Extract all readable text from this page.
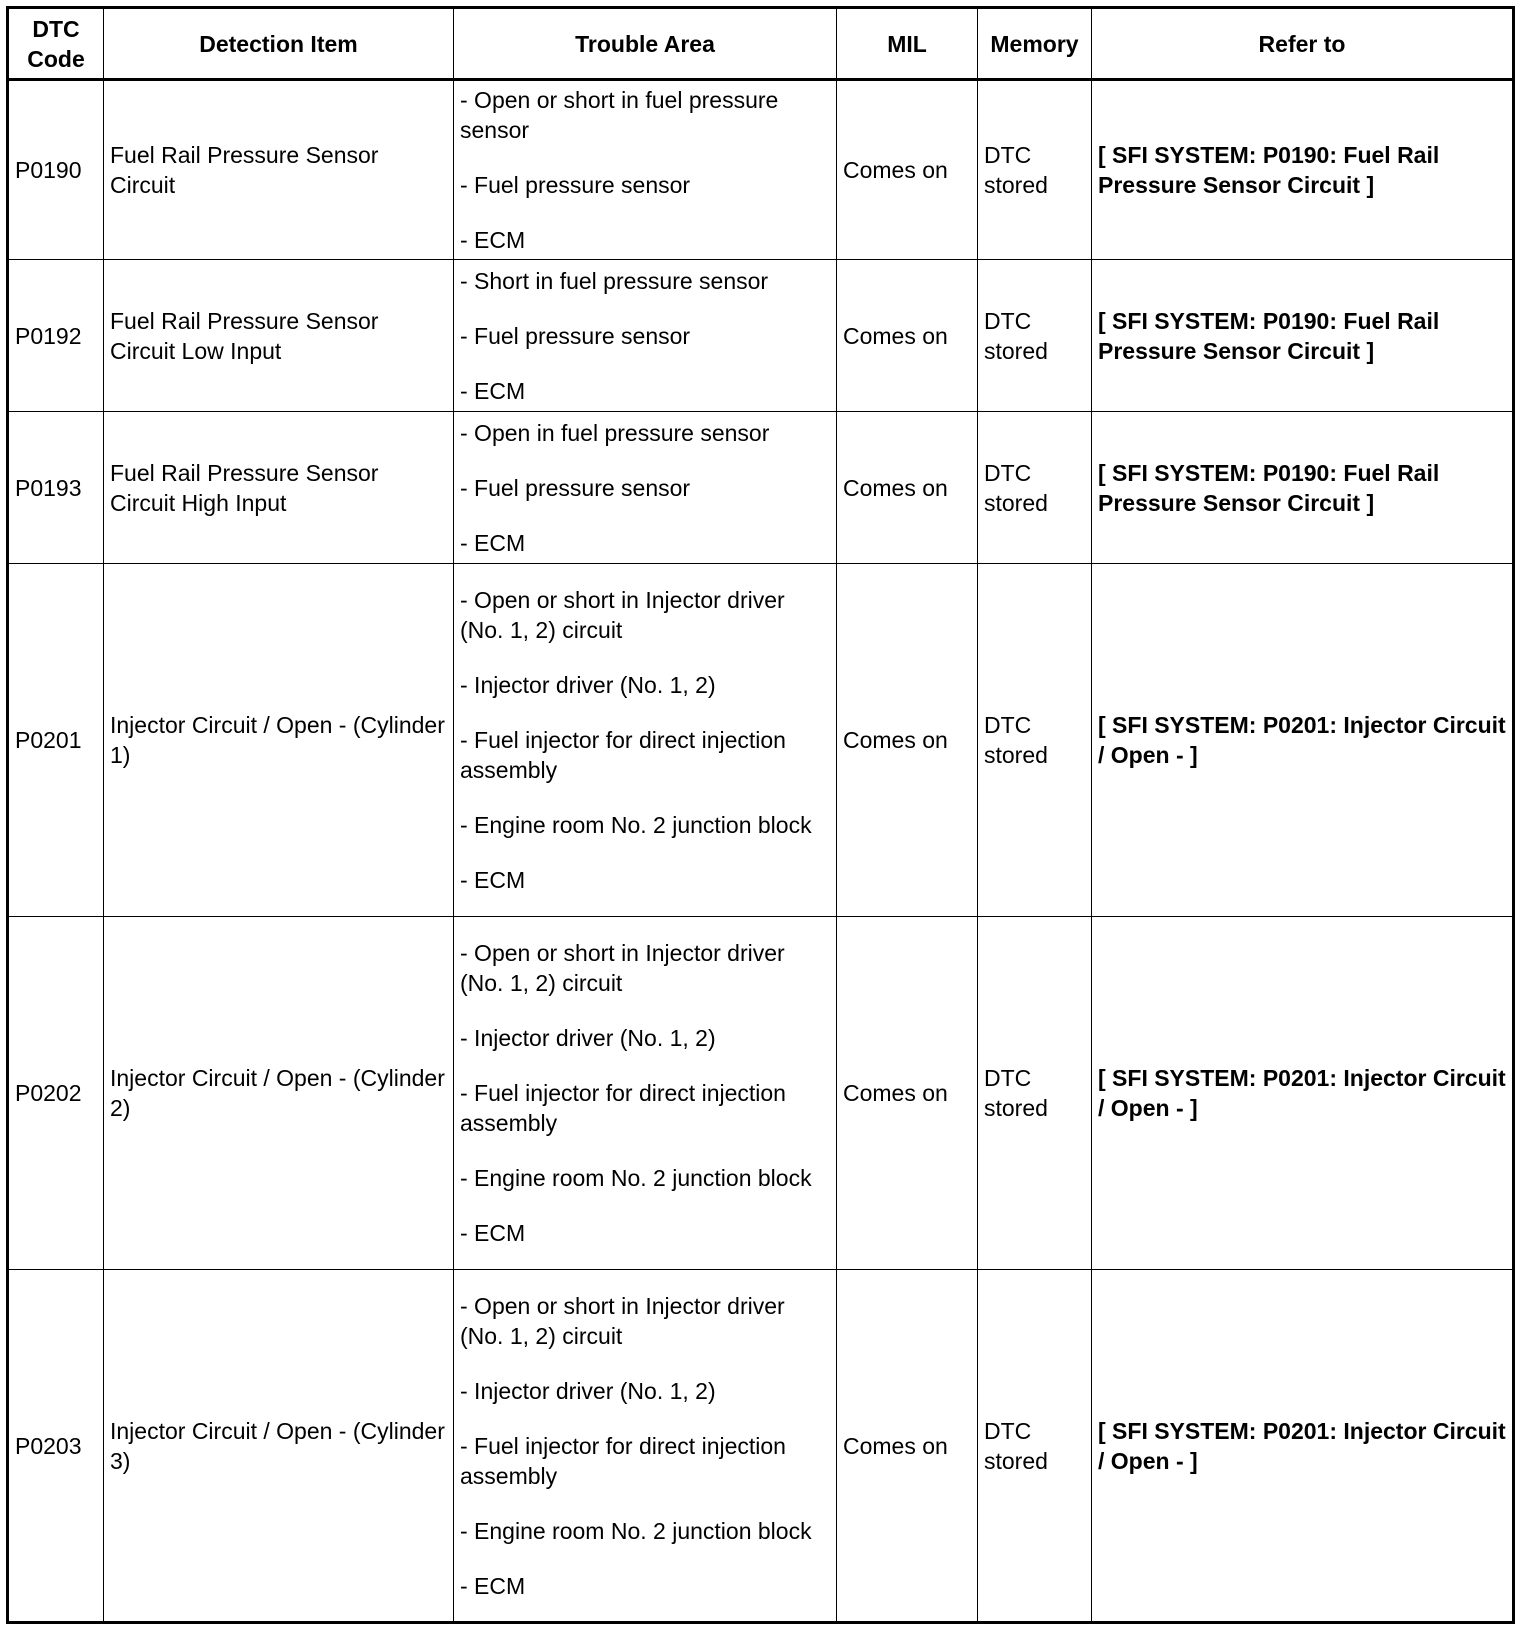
DTC Code	Detection Item	Trouble Area	MIL	Memory	Refer to
P0190	Fuel Rail Pressure Sensor Circuit	- Open or short in fuel pressure sensor
- Fuel pressure sensor
- ECM	Comes on	DTC stored	[ SFI SYSTEM: P0190: Fuel Rail Pressure Sensor Circuit ]
P0192	Fuel Rail Pressure Sensor Circuit Low Input	- Short in fuel pressure sensor
- Fuel pressure sensor
- ECM	Comes on	DTC stored	[ SFI SYSTEM: P0190: Fuel Rail Pressure Sensor Circuit ]
P0193	Fuel Rail Pressure Sensor Circuit High Input	- Open in fuel pressure sensor
- Fuel pressure sensor
- ECM	Comes on	DTC stored	[ SFI SYSTEM: P0190: Fuel Rail Pressure Sensor Circuit ]
P0201	Injector Circuit / Open - (Cylinder 1)	- Open or short in Injector driver (No. 1, 2) circuit
- Injector driver (No. 1, 2)
- Fuel injector for direct injection assembly
- Engine room No. 2 junction block
- ECM	Comes on	DTC stored	[ SFI SYSTEM: P0201: Injector Circuit / Open - ]
P0202	Injector Circuit / Open - (Cylinder 2)	- Open or short in Injector driver (No. 1, 2) circuit
- Injector driver (No. 1, 2)
- Fuel injector for direct injection assembly
- Engine room No. 2 junction block
- ECM	Comes on	DTC stored	[ SFI SYSTEM: P0201: Injector Circuit / Open - ]
P0203	Injector Circuit / Open - (Cylinder 3)	- Open or short in Injector driver (No. 1, 2) circuit
- Injector driver (No. 1, 2)
- Fuel injector for direct injection assembly
- Engine room No. 2 junction block
- ECM	Comes on	DTC stored	[ SFI SYSTEM: P0201: Injector Circuit / Open - ]
